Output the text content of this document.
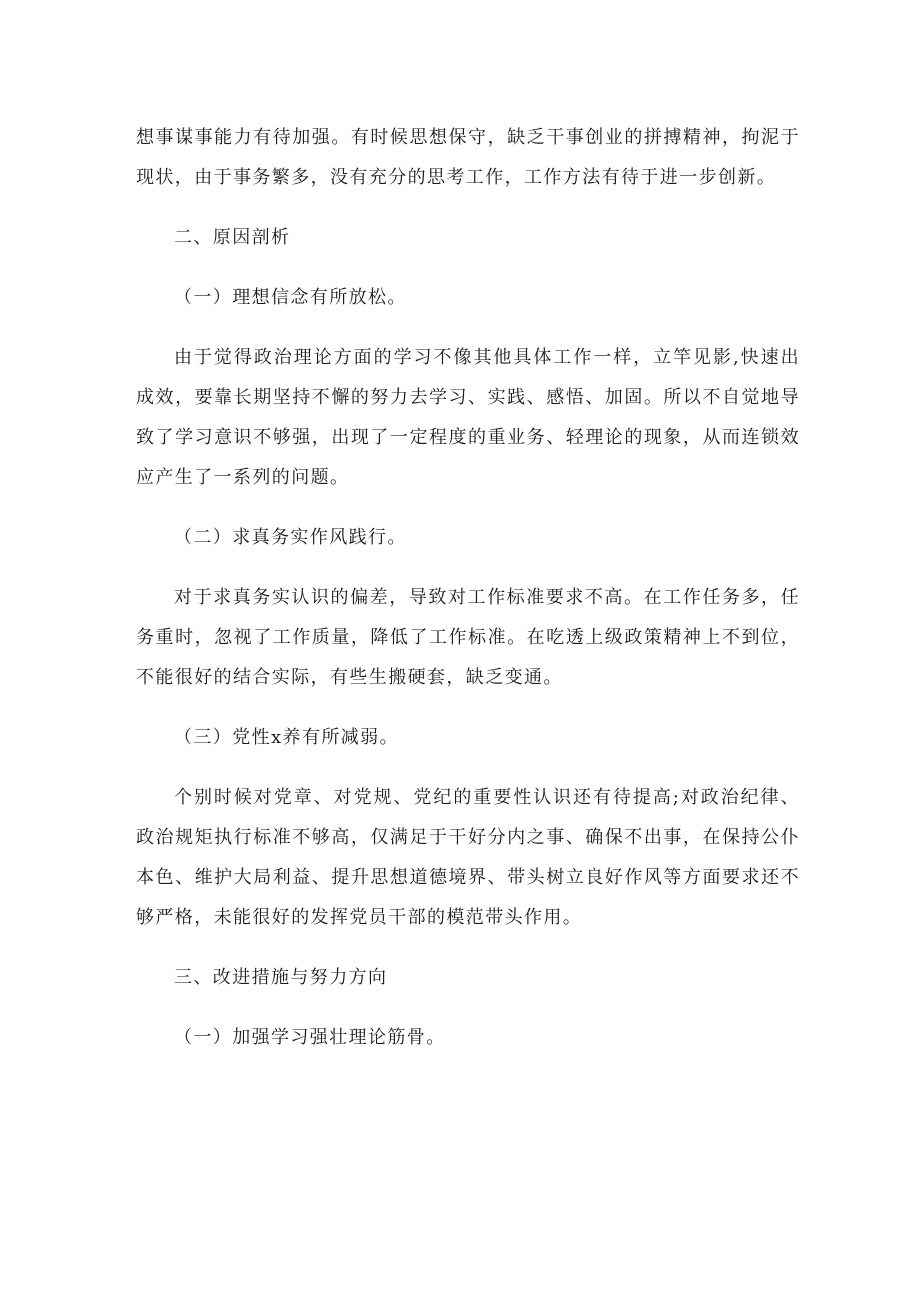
想事谋事能力有待加强。有时候思想保守，缺乏干事创业的拼搏精神，拘泥于现状，由于事务繁多，没有充分的思考工作，工作方法有待于进一步创新。

二、原因剖析

（一）理想信念有所放松。

由于觉得政治理论方面的学习不像其他具体工作一样，立竿见影,快速出成效，要靠长期坚持不懈的努力去学习、实践、感悟、加固。所以不自觉地导致了学习意识不够强，出现了一定程度的重业务、轻理论的现象，从而连锁效应产生了一系列的问题。

（二）求真务实作风践行。

对于求真务实认识的偏差，导致对工作标准要求不高。在工作任务多，任务重时，忽视了工作质量，降低了工作标准。在吃透上级政策精神上不到位，不能很好的结合实际，有些生搬硬套，缺乏变通。

（三）党性x养有所减弱。

个别时候对党章、对党规、党纪的重要性认识还有待提高;对政治纪律、政治规矩执行标准不够高，仅满足于干好分内之事、确保不出事，在保持公仆本色、维护大局利益、提升思想道德境界、带头树立良好作风等方面要求还不够严格，未能很好的发挥党员干部的模范带头作用。

三、改进措施与努力方向

（一）加强学习强壮理论筋骨。
